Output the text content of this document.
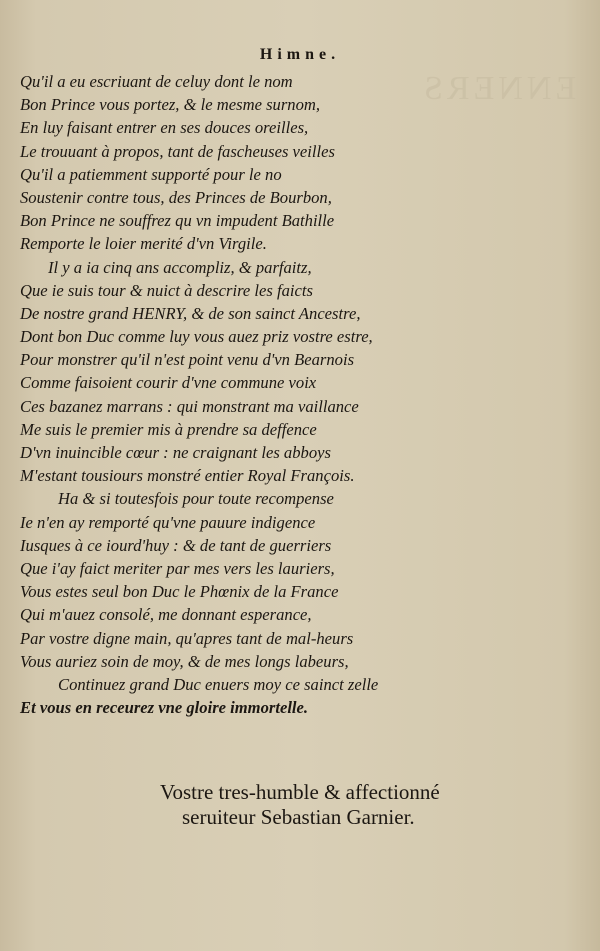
ENNERS
Himne.
Qu'il a eu escriuant de celuy dont le nom
Bon Prince vous portez, & le mesme surnom,
En luy faisant entrer en ses douces oreilles,
Le trouuant à propos, tant de fascheuses veilles
Qu'il a patiemment supporté pour le no
Soustenir contre tous, des Princes de Bourbon,
Bon Prince ne souffrez qu vn impudent Bathille
Remporte le loier merité d'vn Virgile.
Il y a ia cinq ans accompliz, & parfaitz,
Que ie suis tour & nuict à descrire les faicts
De nostre grand HENRY, & de son sainct Ancestre,
Dont bon Duc comme luy vous auez priz vostre estre,
Pour monstrer qu'il n'est point venu d'vn Bearnois
Comme faisoient courir d'vne commune voix
Ces bazanez marrans : qui monstrant ma vaillance
Me suis le premier mis à prendre sa deffence
D'vn inuincible cœur : ne craignant les abboys
M'estant tousiours monstré entier Royal François.
Ha & si toutesfois pour toute recompense
Ie n'en ay remporté qu'vne pauure indigence
Iusques à ce iourd'huy : & de tant de guerriers
Que i'ay faict meriter par mes vers les lauriers,
Vous estes seul bon Duc le Phœnix de la France
Qui m'auez consolé, me donnant esperance,
Par vostre digne main, qu'apres tant de mal-heurs
Vous auriez soin de moy, & de mes longs labeurs,
Continuez grand Duc enuers moy ce sainct zelle
Et vous en receurez vne gloire immortelle.
Vostre tres-humble & affectionné
seruiteur Sebastian Garnier.
